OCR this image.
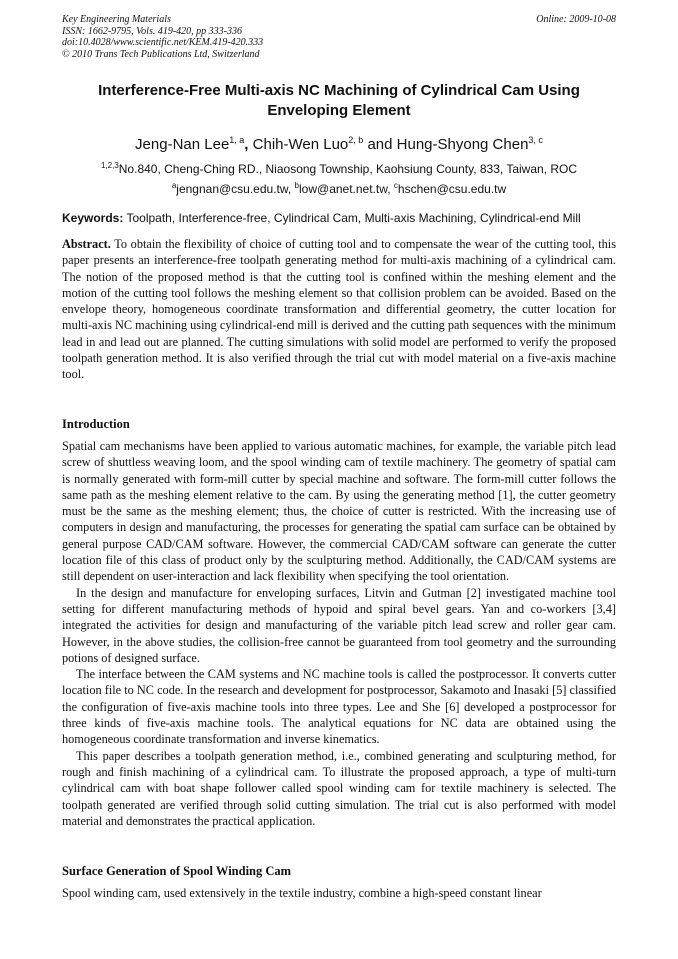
Key Engineering Materials
ISSN: 1662-9795, Vols. 419-420, pp 333-336
doi:10.4028/www.scientific.net/KEM.419-420.333
© 2010 Trans Tech Publications Ltd, Switzerland
Online: 2009-10-08
Interference-Free Multi-axis NC Machining of Cylindrical Cam Using Enveloping Element
Jeng-Nan Lee$^{1, a}$, Chih-Wen Luo$^{2, b}$ and Hung-Shyong Chen$^{3, c}$
$^{1,2,3}$No.840, Cheng-Ching RD., Niaosong Township, Kaohsiung County, 833, Taiwan, ROC
$^a$jengnan@csu.edu.tw, $^b$low@anet.net.tw, $^c$hschen@csu.edu.tw
Keywords: Toolpath, Interference-free, Cylindrical Cam, Multi-axis Machining, Cylindrical-end Mill

Abstract. To obtain the flexibility of choice of cutting tool and to compensate the wear of the cutting tool, this paper presents an interference-free toolpath generating method for multi-axis machining of a cylindrical cam. The notion of the proposed method is that the cutting tool is confined within the meshing element and the motion of the cutting tool follows the meshing element so that collision problem can be avoided. Based on the envelope theory, homogeneous coordinate transformation and differential geometry, the cutter location for multi-axis NC machining using cylindrical-end mill is derived and the cutting path sequences with the minimum lead in and lead out are planned. The cutting simulations with solid model are performed to verify the proposed toolpath generation method. It is also verified through the trial cut with model material on a five-axis machine tool.

Introduction

Spatial cam mechanisms have been applied to various automatic machines, for example, the variable pitch lead screw of shuttless weaving loom, and the spool winding cam of textile machinery. The geometry of spatial cam is normally generated with form-mill cutter by special machine and software. The form-mill cutter follows the same path as the meshing element relative to the cam. By using the generating method [1], the cutter geometry must be the same as the meshing element; thus, the choice of cutter is restricted. With the increasing use of computers in design and manufacturing, the processes for generating the spatial cam surface can be obtained by general purpose CAD/CAM software. However, the commercial CAD/CAM software can generate the cutter location file of this class of product only by the sculpturing method. Additionally, the CAD/CAM systems are still dependent on user-interaction and lack flexibility when specifying the tool orientation.

In the design and manufacture for enveloping surfaces, Litvin and Gutman [2] investigated machine tool setting for different manufacturing methods of hypoid and spiral bevel gears. Yan and co-workers [3,4] integrated the activities for design and manufacturing of the variable pitch lead screw and roller gear cam. However, in the above studies, the collision-free cannot be guaranteed from tool geometry and the surrounding potions of designed surface.

The interface between the CAM systems and NC machine tools is called the postprocessor. It converts cutter location file to NC code. In the research and development for postprocessor, Sakamoto and Inasaki [5] classified the configuration of five-axis machine tools into three types. Lee and She [6] developed a postprocessor for three kinds of five-axis machine tools. The analytical equations for NC data are obtained using the homogeneous coordinate transformation and inverse kinematics.

This paper describes a toolpath generation method, i.e., combined generating and sculpturing method, for rough and finish machining of a cylindrical cam. To illustrate the proposed approach, a type of multi-turn cylindrical cam with boat shape follower called spool winding cam for textile machinery is selected. The toolpath generated are verified through solid cutting simulation. The trial cut is also performed with model material and demonstrates the practical application.

Surface Generation of Spool Winding Cam

Spool winding cam, used extensively in the textile industry, combine a high-speed constant linear
